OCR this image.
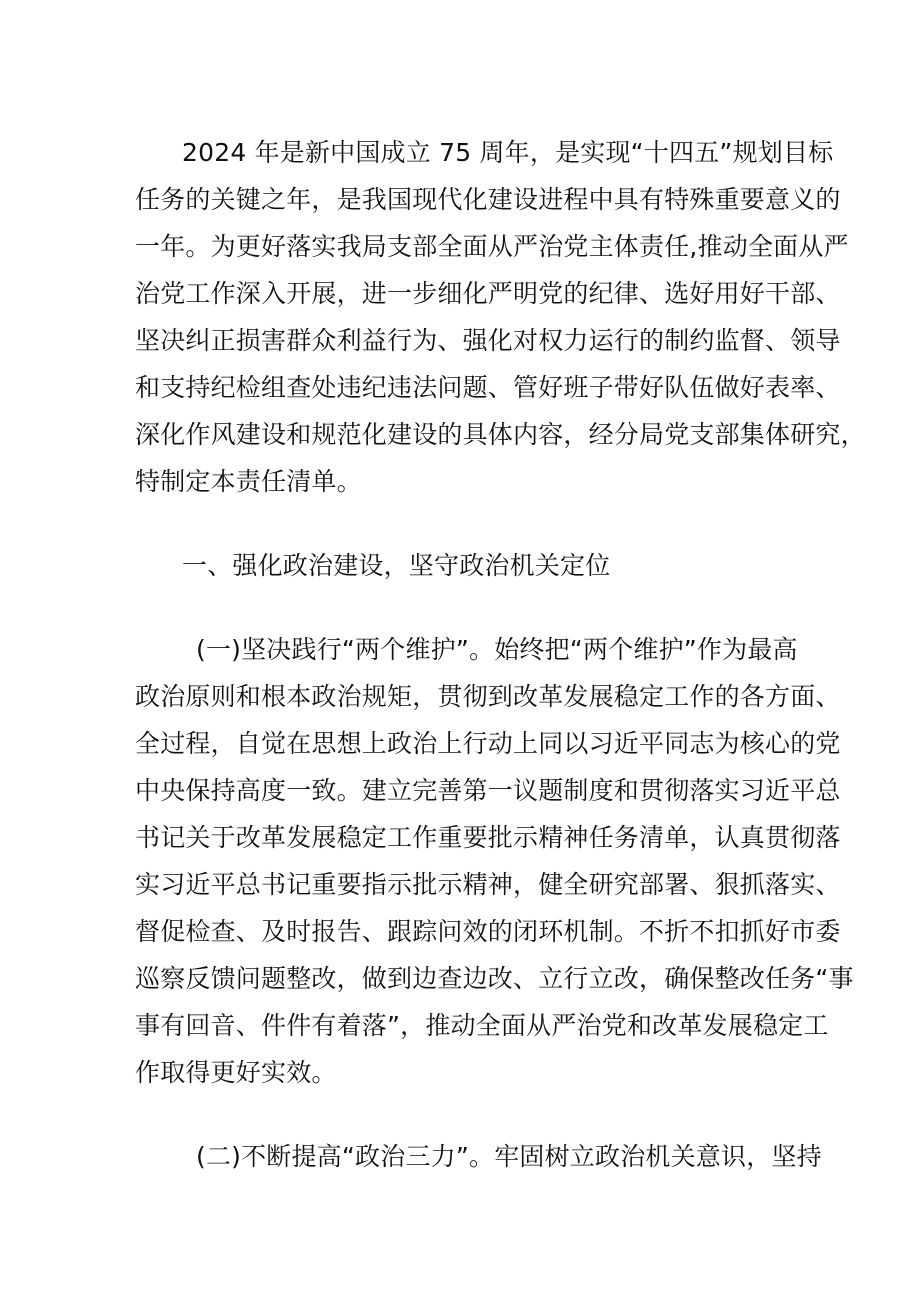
2024 年是新中国成立 75 周年，是实现“十四五”规划目标

任务的关键之年，是我国现代化建设进程中具有特殊重要意义的

一年。为更好落实我局支部全面从严治党主体责任,推动全面从严

治党工作深入开展，进一步细化严明党的纪律、选好用好干部、

坚决纠正损害群众利益行为、强化对权力运行的制约监督、领导

和支持纪检组查处违纪违法问题、管好班子带好队伍做好表率、

深化作风建设和规范化建设的具体内容，经分局党支部集体研究，

特制定本责任清单。

一、强化政治建设，坚守政治机关定位

(一)坚决践行“两个维护”。始终把“两个维护”作为最高

政治原则和根本政治规矩，贯彻到改革发展稳定工作的各方面、

全过程，自觉在思想上政治上行动上同以习近平同志为核心的党

中央保持高度一致。建立完善第一议题制度和贯彻落实习近平总

书记关于改革发展稳定工作重要批示精神任务清单，认真贯彻落

实习近平总书记重要指示批示精神，健全研究部署、狠抓落实、

督促检查、及时报告、跟踪问效的闭环机制。不折不扣抓好市委

巡察反馈问题整改，做到边查边改、立行立改，确保整改任务“事

事有回音、件件有着落”，推动全面从严治党和改革发展稳定工

作取得更好实效。

(二)不断提高“政治三力”。牢固树立政治机关意识，坚持
